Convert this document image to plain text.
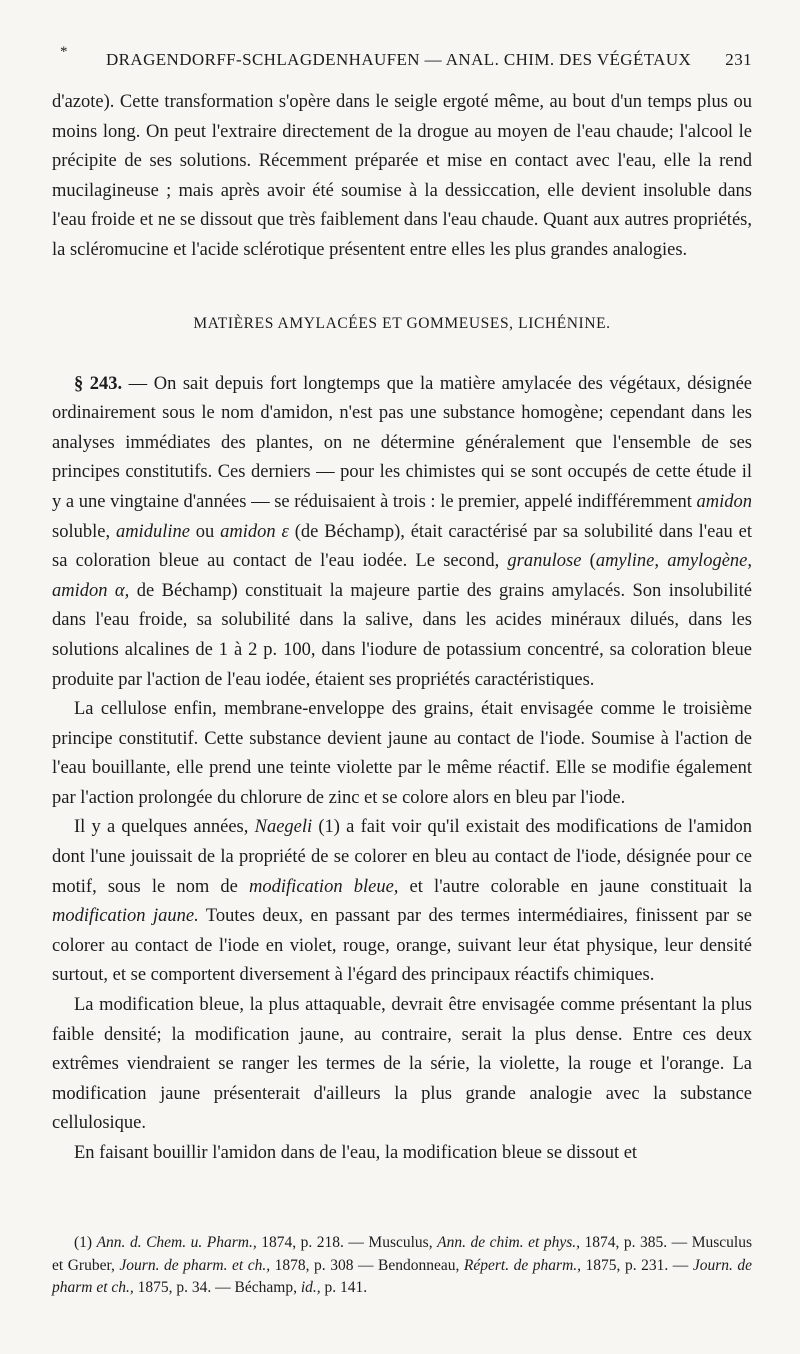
* DRAGENDORFF-SCHLAGDENHAUFEN — ANAL. CHIM. DES VÉGÉTAUX 231

d'azote). Cette transformation s'opère dans le seigle ergoté même, au bout d'un temps plus ou moins long. On peut l'extraire directement de la drogue au moyen de l'eau chaude; l'alcool le précipite de ses solutions. Récemment préparée et mise en contact avec l'eau, elle la rend mucilagineuse ; mais après avoir été soumise à la dessiccation, elle devient insoluble dans l'eau froide et ne se dissout que très faiblement dans l'eau chaude. Quant aux autres propriétés, la scléromucine et l'acide sclérotique présentent entre elles les plus grandes analogies.

MATIÈRES AMYLACÉES ET GOMMEUSES, LICHÉNINE.

§ 243. — On sait depuis fort longtemps que la matière amylacée des végétaux, désignée ordinairement sous le nom d'amidon, n'est pas une substance homogène; cependant dans les analyses immédiates des plantes, on ne détermine généralement que l'ensemble de ses principes constitutifs. Ces derniers — pour les chimistes qui se sont occupés de cette étude il y a une vingtaine d'années — se réduisaient à trois : le premier, appelé indifféremment amidon soluble, amiduline ou amidon ε (de Béchamp), était caractérisé par sa solubilité dans l'eau et sa coloration bleue au contact de l'eau iodée. Le second, granulose (amyline, amylogène, amidon α, de Béchamp) constituait la majeure partie des grains amylacés. Son insolubilité dans l'eau froide, sa solubilité dans la salive, dans les acides minéraux dilués, dans les solutions alcalines de 1 à 2 p. 100, dans l'iodure de potassium concentré, sa coloration bleue produite par l'action de l'eau iodée, étaient ses propriétés caractéristiques.

La cellulose enfin, membrane-enveloppe des grains, était envisagée comme le troisième principe constitutif. Cette substance devient jaune au contact de l'iode. Soumise à l'action de l'eau bouillante, elle prend une teinte violette par le même réactif. Elle se modifie également par l'action prolongée du chlorure de zinc et se colore alors en bleu par l'iode.

Il y a quelques années, Naegeli (1) a fait voir qu'il existait des modifications de l'amidon dont l'une jouissait de la propriété de se colorer en bleu au contact de l'iode, désignée pour ce motif, sous le nom de modification bleue, et l'autre colorable en jaune constituait la modification jaune. Toutes deux, en passant par des termes intermédiaires, finissent par se colorer au contact de l'iode en violet, rouge, orange, suivant leur état physique, leur densité surtout, et se comportent diversement à l'égard des principaux réactifs chimiques.

La modification bleue, la plus attaquable, devrait être envisagée comme présentant la plus faible densité; la modification jaune, au contraire, serait la plus dense. Entre ces deux extrêmes viendraient se ranger les termes de la série, la violette, la rouge et l'orange. La modification jaune présenterait d'ailleurs la plus grande analogie avec la substance cellulosique.

En faisant bouillir l'amidon dans de l'eau, la modification bleue se dissout et

(1) Ann. d. Chem. u. Pharm., 1874, p. 218. — Musculus, Ann. de chim. et phys., 1874, p. 385. — Musculus et Gruber, Journ. de pharm. et ch., 1878, p. 308 — Bendonneau, Répert. de pharm., 1875, p. 231. — Journ. de pharm et ch., 1875, p. 34. — Béchamp, id., p. 141.
